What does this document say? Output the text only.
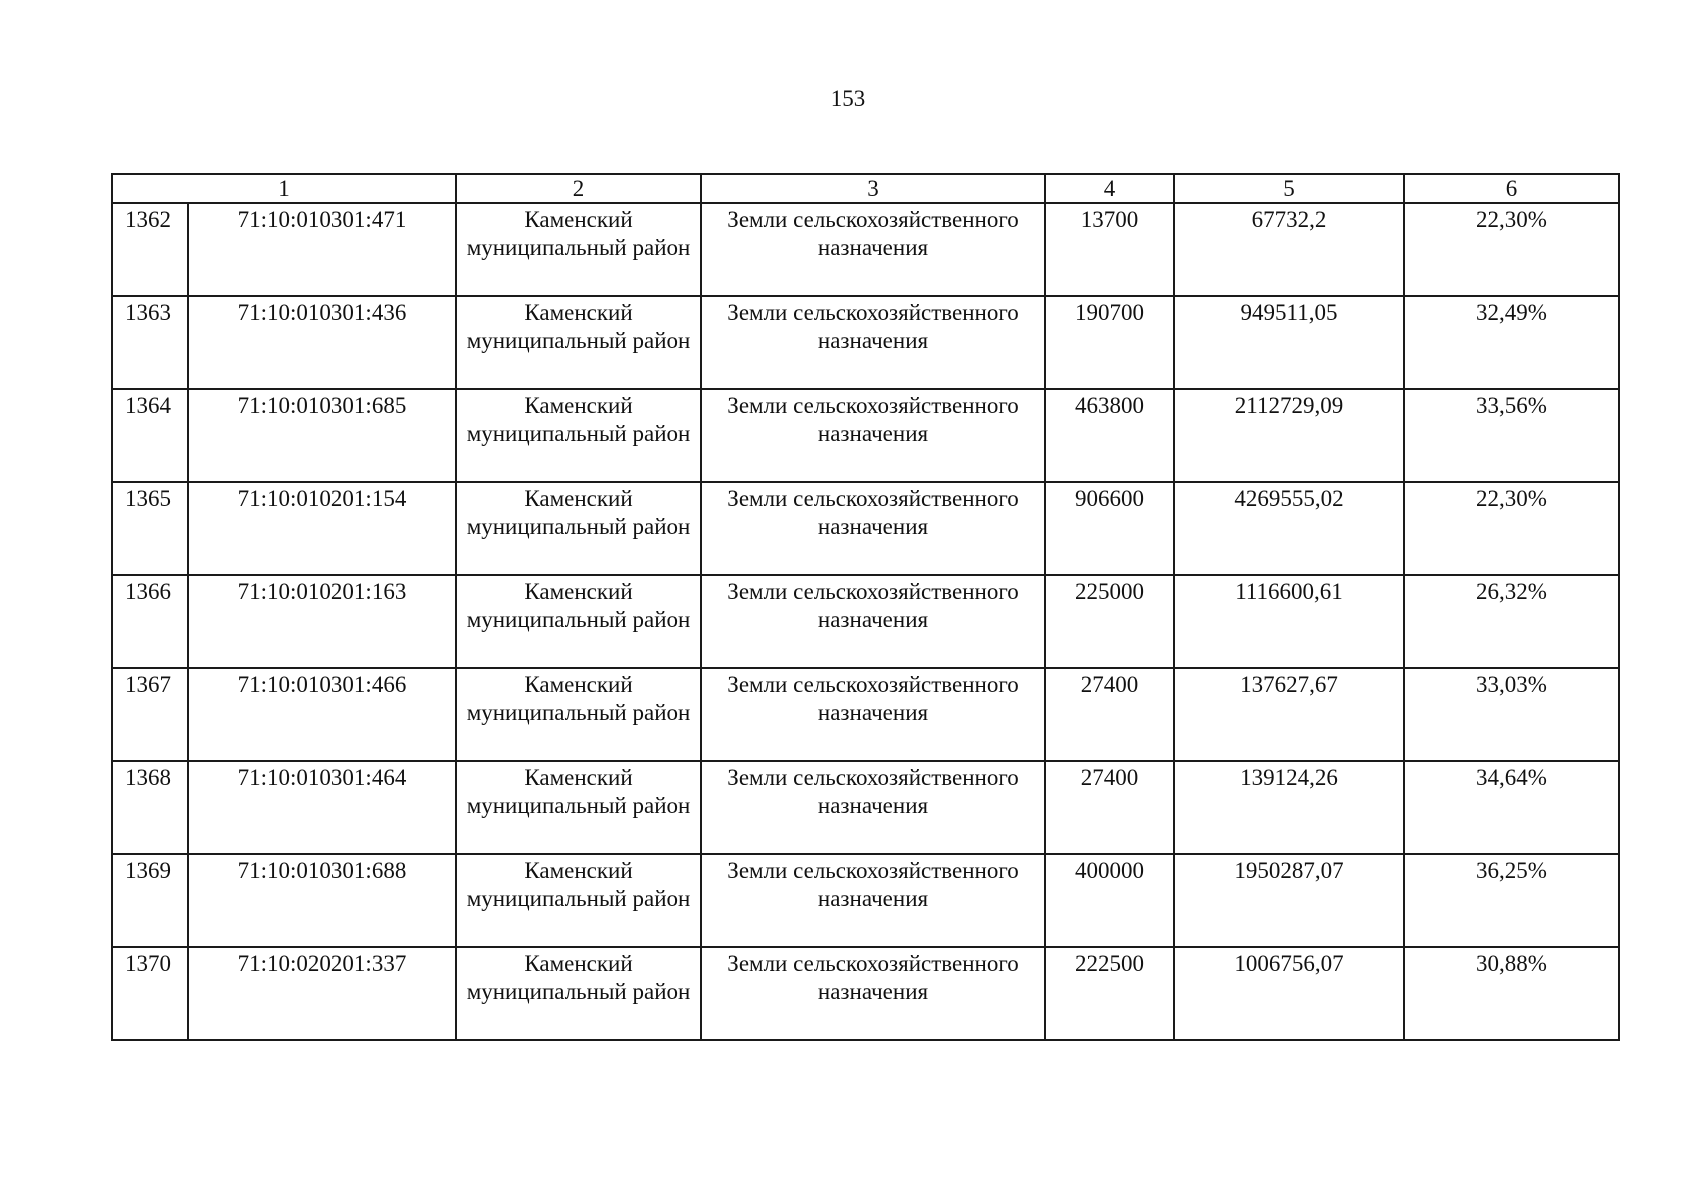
153
1		2	3	4	5	6
1362	71:10:010301:471	Каменский муниципальный район	Земли сельскохозяйственного назначения	13700	67732,2	22,30%
1363	71:10:010301:436	Каменский муниципальный район	Земли сельскохозяйственного назначения	190700	949511,05	32,49%
1364	71:10:010301:685	Каменский муниципальный район	Земли сельскохозяйственного назначения	463800	2112729,09	33,56%
1365	71:10:010201:154	Каменский муниципальный район	Земли сельскохозяйственного назначения	906600	4269555,02	22,30%
1366	71:10:010201:163	Каменский муниципальный район	Земли сельскохозяйственного назначения	225000	1116600,61	26,32%
1367	71:10:010301:466	Каменский муниципальный район	Земли сельскохозяйственного назначения	27400	137627,67	33,03%
1368	71:10:010301:464	Каменский муниципальный район	Земли сельскохозяйственного назначения	27400	139124,26	34,64%
1369	71:10:010301:688	Каменский муниципальный район	Земли сельскохозяйственного назначения	400000	1950287,07	36,25%
1370	71:10:020201:337	Каменский муниципальный район	Земли сельскохозяйственного назначения	222500	1006756,07	30,88%
